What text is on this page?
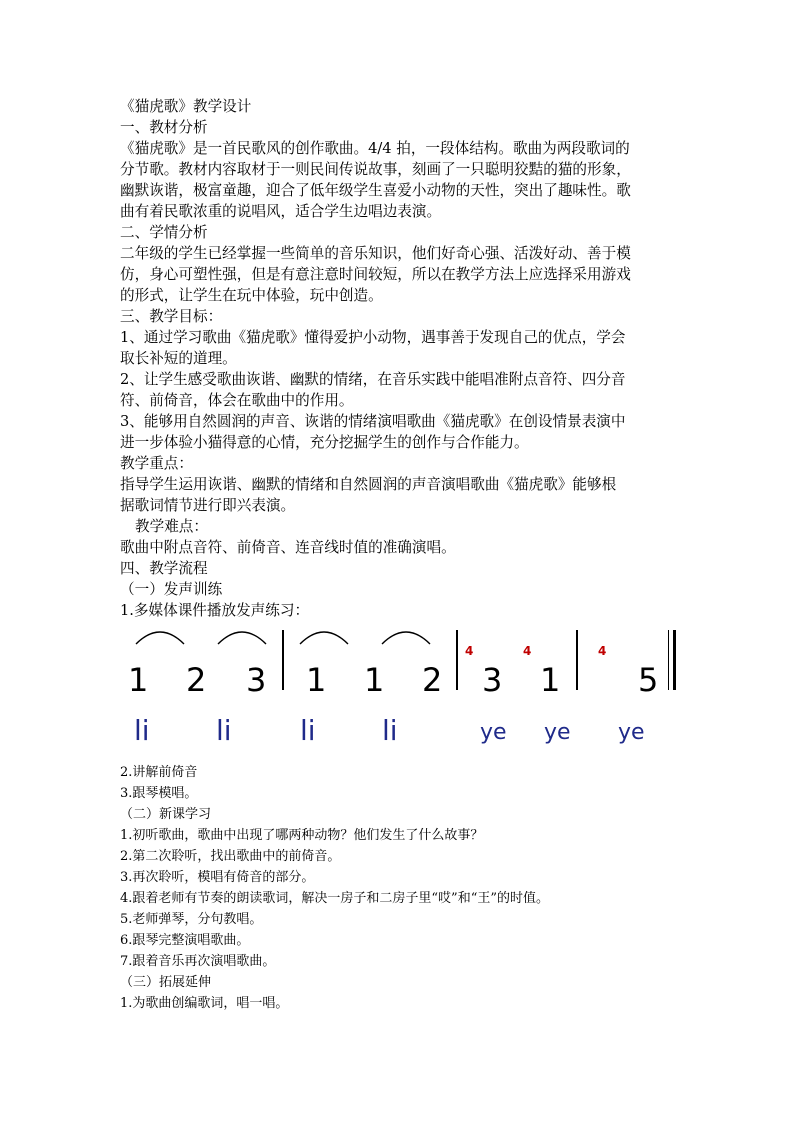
《猫虎歌》教学设计
一、教材分析
《猫虎歌》是一首民歌风的创作歌曲。4/4 拍，一段体结构。歌曲为两段歌词的
分节歌。教材内容取材于一则民间传说故事，刻画了一只聪明狡黠的猫的形象，
幽默诙谐，极富童趣，迎合了低年级学生喜爱小动物的天性，突出了趣味性。歌
曲有着民歌浓重的说唱风，适合学生边唱边表演。
二、学情分析
二年级的学生已经掌握一些简单的音乐知识，他们好奇心强、活泼好动、善于模
仿，身心可塑性强，但是有意注意时间较短，所以在教学方法上应选择采用游戏
的形式，让学生在玩中体验，玩中创造。
三、教学目标：
1、通过学习歌曲《猫虎歌》懂得爱护小动物，遇事善于发现自己的优点，学会
取长补短的道理。
2、让学生感受歌曲诙谐、幽默的情绪，在音乐实践中能唱准附点音符、四分音
符、前倚音，体会在歌曲中的作用。
3、能够用自然圆润的声音、诙谐的情绪演唱歌曲《猫虎歌》在创设情景表演中
进一步体验小猫得意的心情，充分挖掘学生的创作与合作能力。
教学重点：
指导学生运用诙谐、幽默的情绪和自然圆润的声音演唱歌曲《猫虎歌》能够根
据歌词情节进行即兴表演。
教学难点：
歌曲中附点音符、前倚音、连音线时值的准确演唱。
四、教学流程
（一）发声训练
1.多媒体课件播放发声练习：
1 2 3 1 1 2
4
3
4
1
4
5
li li li li	ye ye ye
2.讲解前倚音
3.跟琴模唱。
（二）新课学习
1.初听歌曲，歌曲中出现了哪两种动物？他们发生了什么故事？
2.第二次聆听，找出歌曲中的前倚音。
3.再次聆听，模唱有倚音的部分。
4.跟着老师有节奏的朗读歌词，解决一房子和二房子里“哎”和“王”的时值。
5.老师弹琴，分句教唱。
6.跟琴完整演唱歌曲。
7.跟着音乐再次演唱歌曲。
（三）拓展延伸
1.为歌曲创编歌词，唱一唱。
